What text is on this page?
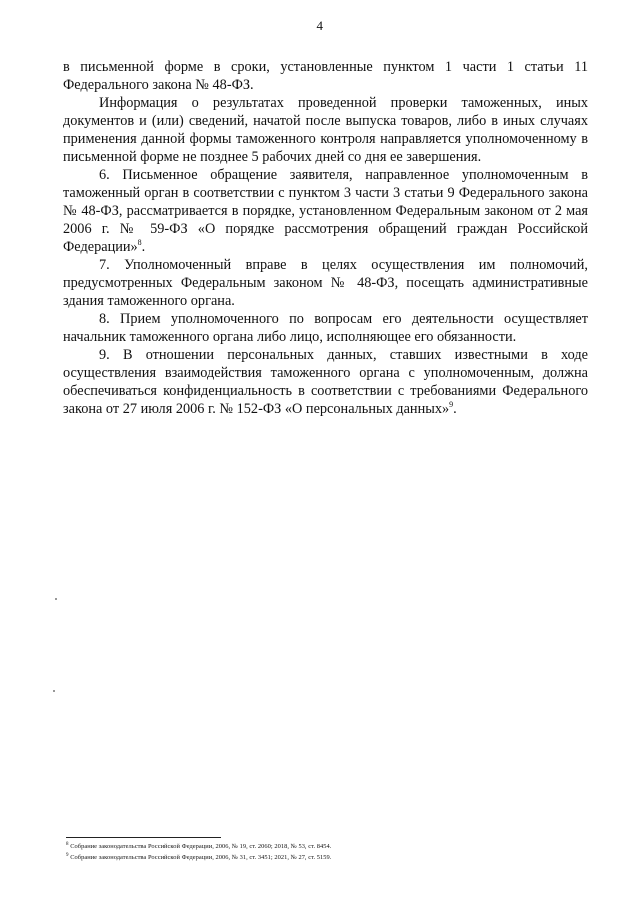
4

в письменной форме в сроки, установленные пунктом 1 части 1 статьи 11 Федерального закона № 48-ФЗ.

Информация о результатах проведенной проверки таможенных, иных документов и (или) сведений, начатой после выпуска товаров, либо в иных случаях применения данной формы таможенного контроля направляется уполномоченному в письменной форме не позднее 5 рабочих дней со дня ее завершения.

6. Письменное обращение заявителя, направленное уполномоченным в таможенный орган в соответствии с пунктом 3 части 3 статьи 9 Федерального закона № 48-ФЗ, рассматривается в порядке, установленном Федеральным законом от 2 мая 2006 г. № 59-ФЗ «О порядке рассмотрения обращений граждан Российской Федерации»$^8$.

7. Уполномоченный вправе в целях осуществления им полномочий, предусмотренных Федеральным законом № 48-ФЗ, посещать административные здания таможенного органа.

8. Прием уполномоченного по вопросам его деятельности осуществляет начальник таможенного органа либо лицо, исполняющее его обязанности.

9. В отношении персональных данных, ставших известными в ходе осуществления взаимодействия таможенного органа с уполномоченным, должна обеспечиваться конфиденциальность в соответствии с требованиями Федерального закона от 27 июля 2006 г. № 152-ФЗ «О персональных данных»$^9$.

$^8$ Собрание законодательства Российской Федерации, 2006, № 19, ст. 2060; 2018, № 53, ст. 8454.

$^9$ Собрание законодательства Российской Федерации, 2006, № 31, ст. 3451; 2021, № 27, ст. 5159.
